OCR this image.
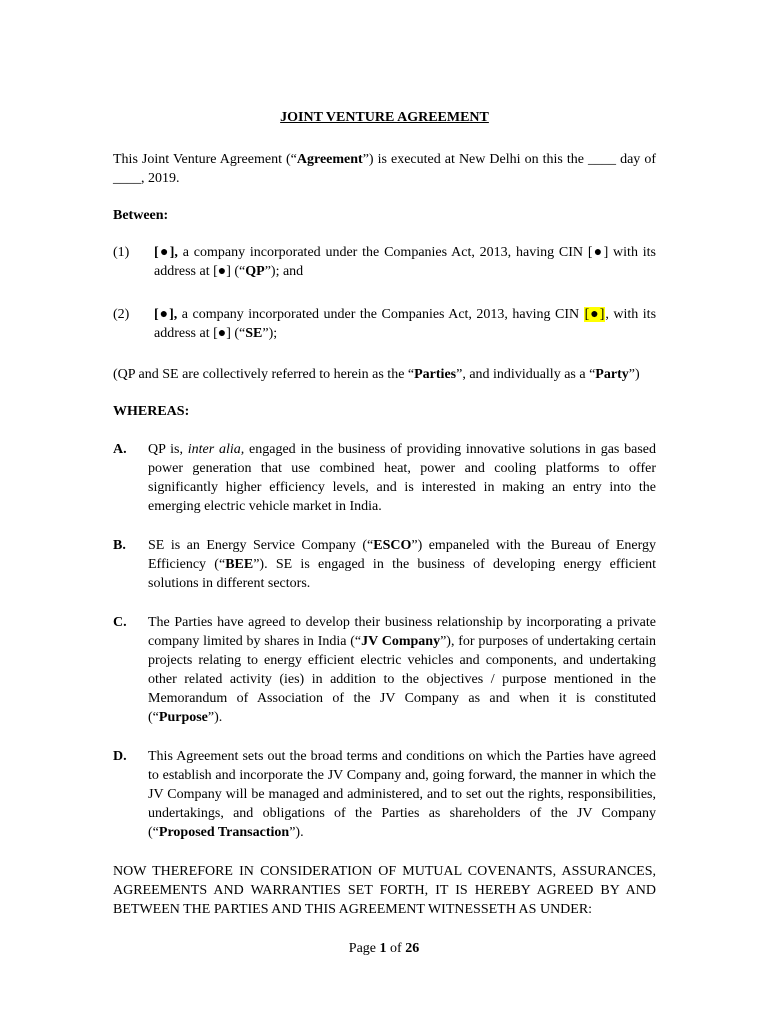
JOINT VENTURE AGREEMENT

This Joint Venture Agreement (“Agreement”) is executed at New Delhi on this the ____ day of ____, 2019.

Between:

(1)	[●], a company incorporated under the Companies Act, 2013, having CIN [●] with its address at [●] (“QP”); and
(2)	[●], a company incorporated under the Companies Act, 2013, having CIN [●], with its address at [●] (“SE”);

(QP and SE are collectively referred to herein as the “Parties”, and individually as a “Party”)

WHEREAS:

A.	QP is, inter alia, engaged in the business of providing innovative solutions in gas based power generation that use combined heat, power and cooling platforms to offer significantly higher efficiency levels, and is interested in making an entry into the emerging electric vehicle market in India.
B.	SE is an Energy Service Company (“ESCO”) empaneled with the Bureau of Energy Efficiency (“BEE”). SE is engaged in the business of developing energy efficient solutions in different sectors.
C.	The Parties have agreed to develop their business relationship by incorporating a private company limited by shares in India (“JV Company”), for purposes of undertaking certain projects relating to energy efficient electric vehicles and components, and undertaking other related activity (ies) in addition to the objectives / purpose mentioned in the Memorandum of Association of the JV Company as and when it is constituted (“Purpose”).
D.	This Agreement sets out the broad terms and conditions on which the Parties have agreed to establish and incorporate the JV Company and, going forward, the manner in which the JV Company will be managed and administered, and to set out the rights, responsibilities, undertakings, and obligations of the Parties as shareholders of the JV Company (“Proposed Transaction”).

NOW THEREFORE IN CONSIDERATION OF MUTUAL COVENANTS, ASSURANCES, AGREEMENTS AND WARRANTIES SET FORTH, IT IS HEREBY AGREED BY AND BETWEEN THE PARTIES AND THIS AGREEMENT WITNESSETH AS UNDER:

Page 1 of 26
